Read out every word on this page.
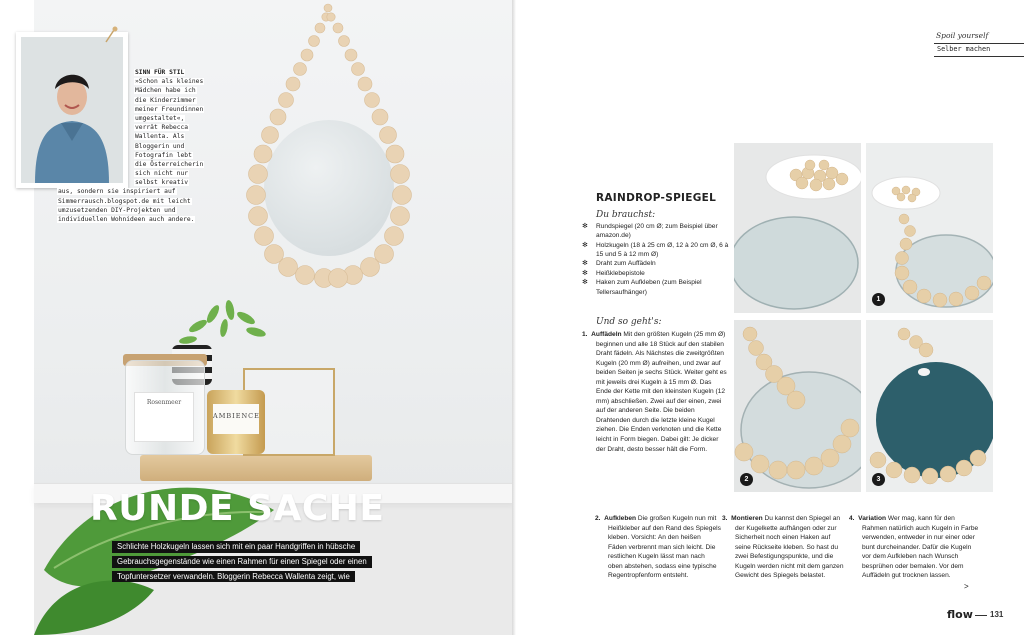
Rosenmeer
AMBIENCE
RUNDE SACHE
Schlichte Holzkugeln lassen sich mit ein paar Handgriffen in hübsche
Gebrauchsgegenstände wie einen Rahmen für einen Spiegel oder einen
Topfuntersetzer verwandeln. Bloggerin Rebecca Wallenta zeigt, wie
SINN FÜR STIL
»Schon als kleines
Mädchen habe ich
die Kinderzimmer
meiner Freundinnen
umgestaltet«,
verrät Rebecca
Wallenta. Als
Bloggerin und
Fotografin lebt
die Österreicherin
sich nicht nur
selbst kreativ
aus, sondern sie inspiriert auf
Simmerrausch.blogspot.de mit leicht
umzusetzenden DIY-Projekten und
individuellen Wohnideen auch andere.
Spoil yourself
Selber machen
RAINDROP-SPIEGEL
Du brauchst:
✻ Rundspiegel (20 cm Ø; zum Beispiel über amazon.de)
✻ Holzkugeln (18 à 25 cm Ø, 12 à 20 cm Ø, 6 à 15 und 5 à 12 mm Ø)
✻ Draht zum Auffädeln
✻ Heißklebepistole
✻ Haken zum Aufkleben (zum Beispiel Tellersaufhänger)
Und so geht's:
1. Auffädeln Mit den größten Kugeln (25 mm Ø) beginnen und alle 18 Stück auf den stabilen Draht fädeln. Als Nächstes die zweitgrößten Kugeln (20 mm Ø) aufreihen, und zwar auf beiden Seiten je sechs Stück. Weiter geht es mit jeweils drei Kugeln à 15 mm Ø. Das Ende der Kette mit den kleinsten Kugeln (12 mm) abschließen. Zwei auf der einen, zwei auf der anderen Seite. Die beiden Drahtenden durch die letzte kleine Kugel ziehen. Die Enden verknoten und die Kette leicht in Form biegen. Dabei gilt: Je dicker der Draht, desto besser hält die Form.
2. Aufkleben Die großen Kugeln nun mit Heißkleber auf den Rand des Spiegels kleben. Vorsicht: An den heißen Fäden verbrennt man sich leicht. Die restlichen Kugeln lässt man nach oben abstehen, sodass eine typische Regentropfenform entsteht.
3. Montieren Du kannst den Spiegel an der Kugelkette aufhängen oder zur Sicherheit noch einen Haken auf seine Rückseite kleben. So hast du zwei Befestigungspunkte, und die Kugeln werden nicht mit dem ganzen Gewicht des Spiegels belastet.
4. Variation Wer mag, kann für den Rahmen natürlich auch Kugeln in Farbe verwenden, entweder in nur einer oder bunt durcheinander. Dafür die Kugeln vor dem Aufkleben nach Wunsch besprühen oder bemalen. Vor dem Auffädeln gut trocknen lassen.
>
1
2	3
flow 131
